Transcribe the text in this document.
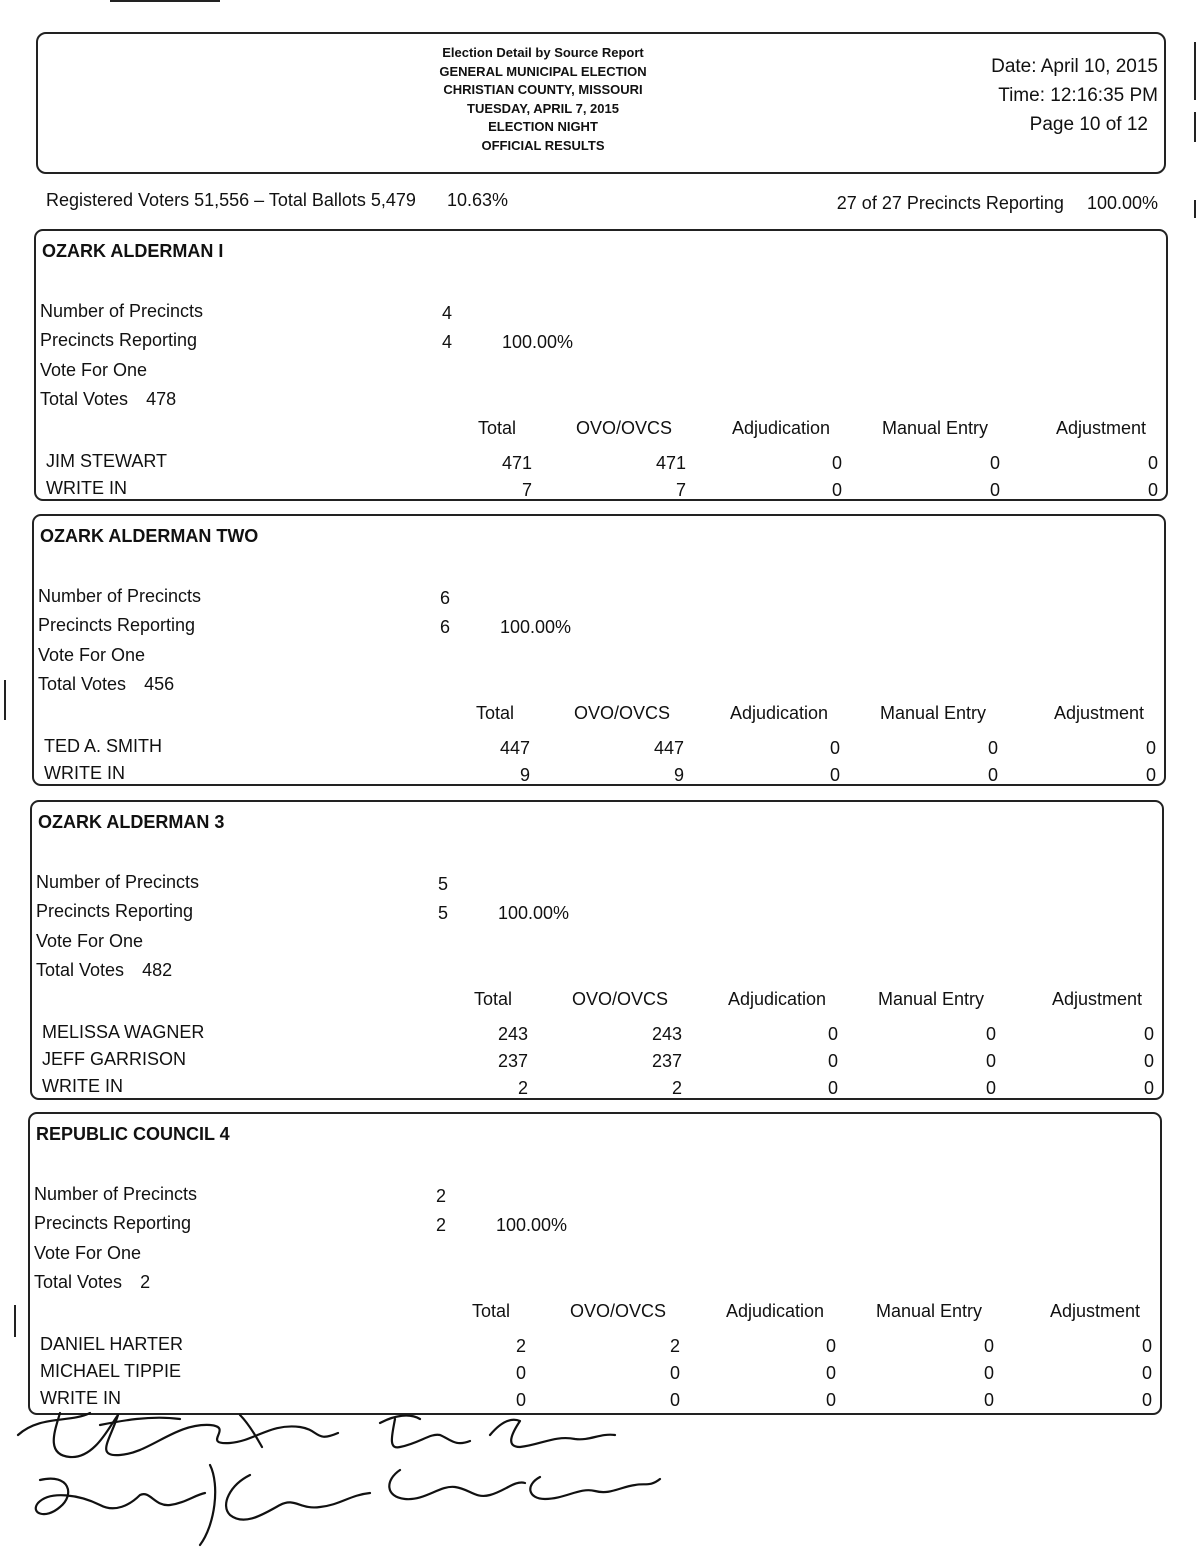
Election Detail by Source Report
GENERAL MUNICIPAL ELECTION
CHRISTIAN COUNTY, MISSOURI
TUESDAY, APRIL 7, 2015
ELECTION NIGHT
OFFICIAL RESULTS
Date: April 10, 2015
Time: 12:16:35 PM
Page 10 of 12
Registered Voters 51,556 – Total Ballots 5,479 10.63%	27 of 27 Precincts Reporting 100.00%
OZARK ALDERMAN I
Number of Precincts	4
Precincts Reporting	4	100.00%
Vote For One
Total Votes 478
Total	OVO/OVCS	Adjudication	Manual Entry	Adjustment
JIM STEWART	471	471	0	0	0
WRITE IN	7	7	0	0	0
OZARK ALDERMAN TWO
Number of Precincts	6
Precincts Reporting	6	100.00%
Vote For One
Total Votes 456
Total	OVO/OVCS	Adjudication	Manual Entry	Adjustment
TED A. SMITH	447	447	0	0	0
WRITE IN	9	9	0	0	0
OZARK ALDERMAN 3
Number of Precincts	5
Precincts Reporting	5	100.00%
Vote For One
Total Votes 482
Total	OVO/OVCS	Adjudication	Manual Entry	Adjustment
MELISSA WAGNER	243	243	0	0	0
JEFF GARRISON	237	237	0	0	0
WRITE IN	2	2	0	0	0
REPUBLIC COUNCIL 4
Number of Precincts	2
Precincts Reporting	2	100.00%
Vote For One
Total Votes 2
Total	OVO/OVCS	Adjudication	Manual Entry	Adjustment
DANIEL HARTER	2	2	0	0	0
MICHAEL TIPPIE	0	0	0	0	0
WRITE IN	0	0	0	0	0
